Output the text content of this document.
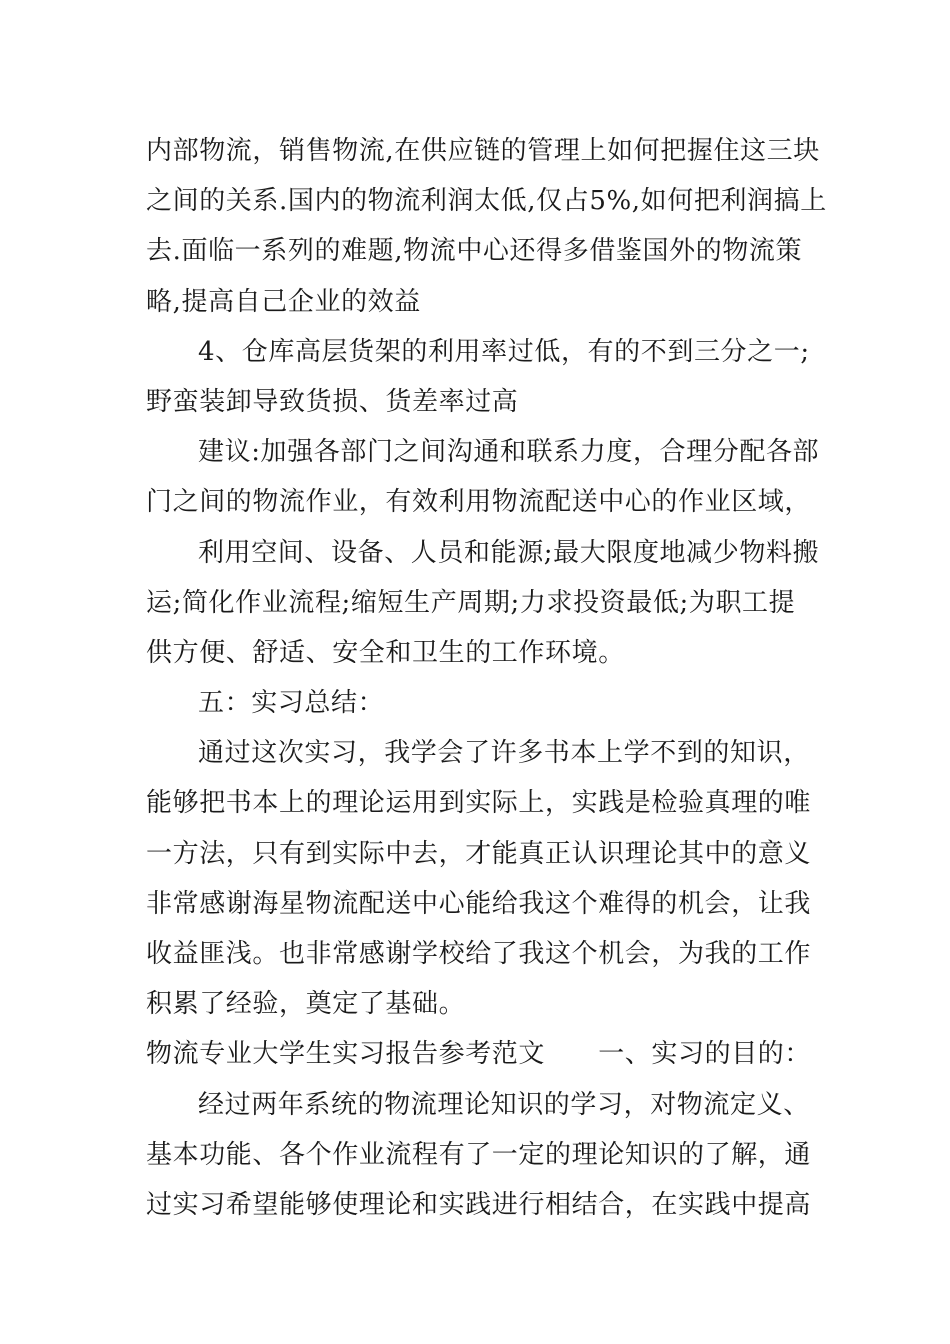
内部物流，销售物流,在供应链的管理上如何把握住这三块
之间的关系.国内的物流利润太低,仅占5%,如何把利润搞上
去.面临一系列的难题,物流中心还得多借鉴国外的物流策
略,提高自己企业的效益
4、仓库高层货架的利用率过低，有的不到三分之一;
野蛮装卸导致货损、货差率过高
建议:加强各部门之间沟通和联系力度，合理分配各部
门之间的物流作业，有效利用物流配送中心的作业区域，
利用空间、设备、人员和能源;最大限度地减少物料搬
运;简化作业流程;缩短生产周期;力求投资最低;为职工提
供方便、舒适、安全和卫生的工作环境。
五：实习总结：
通过这次实习，我学会了许多书本上学不到的知识，
能够把书本上的理论运用到实际上，实践是检验真理的唯
一方法，只有到实际中去，才能真正认识理论其中的意义
非常感谢海星物流配送中心能给我这个难得的机会，让我
收益匪浅。也非常感谢学校给了我这个机会，为我的工作
积累了经验，奠定了基础。
物流专业大学生实习报告参考范文　　一、实习的目的：
经过两年系统的物流理论知识的学习，对物流定义、
基本功能、各个作业流程有了一定的理论知识的了解，通
过实习希望能够使理论和实践进行相结合，在实践中提高
